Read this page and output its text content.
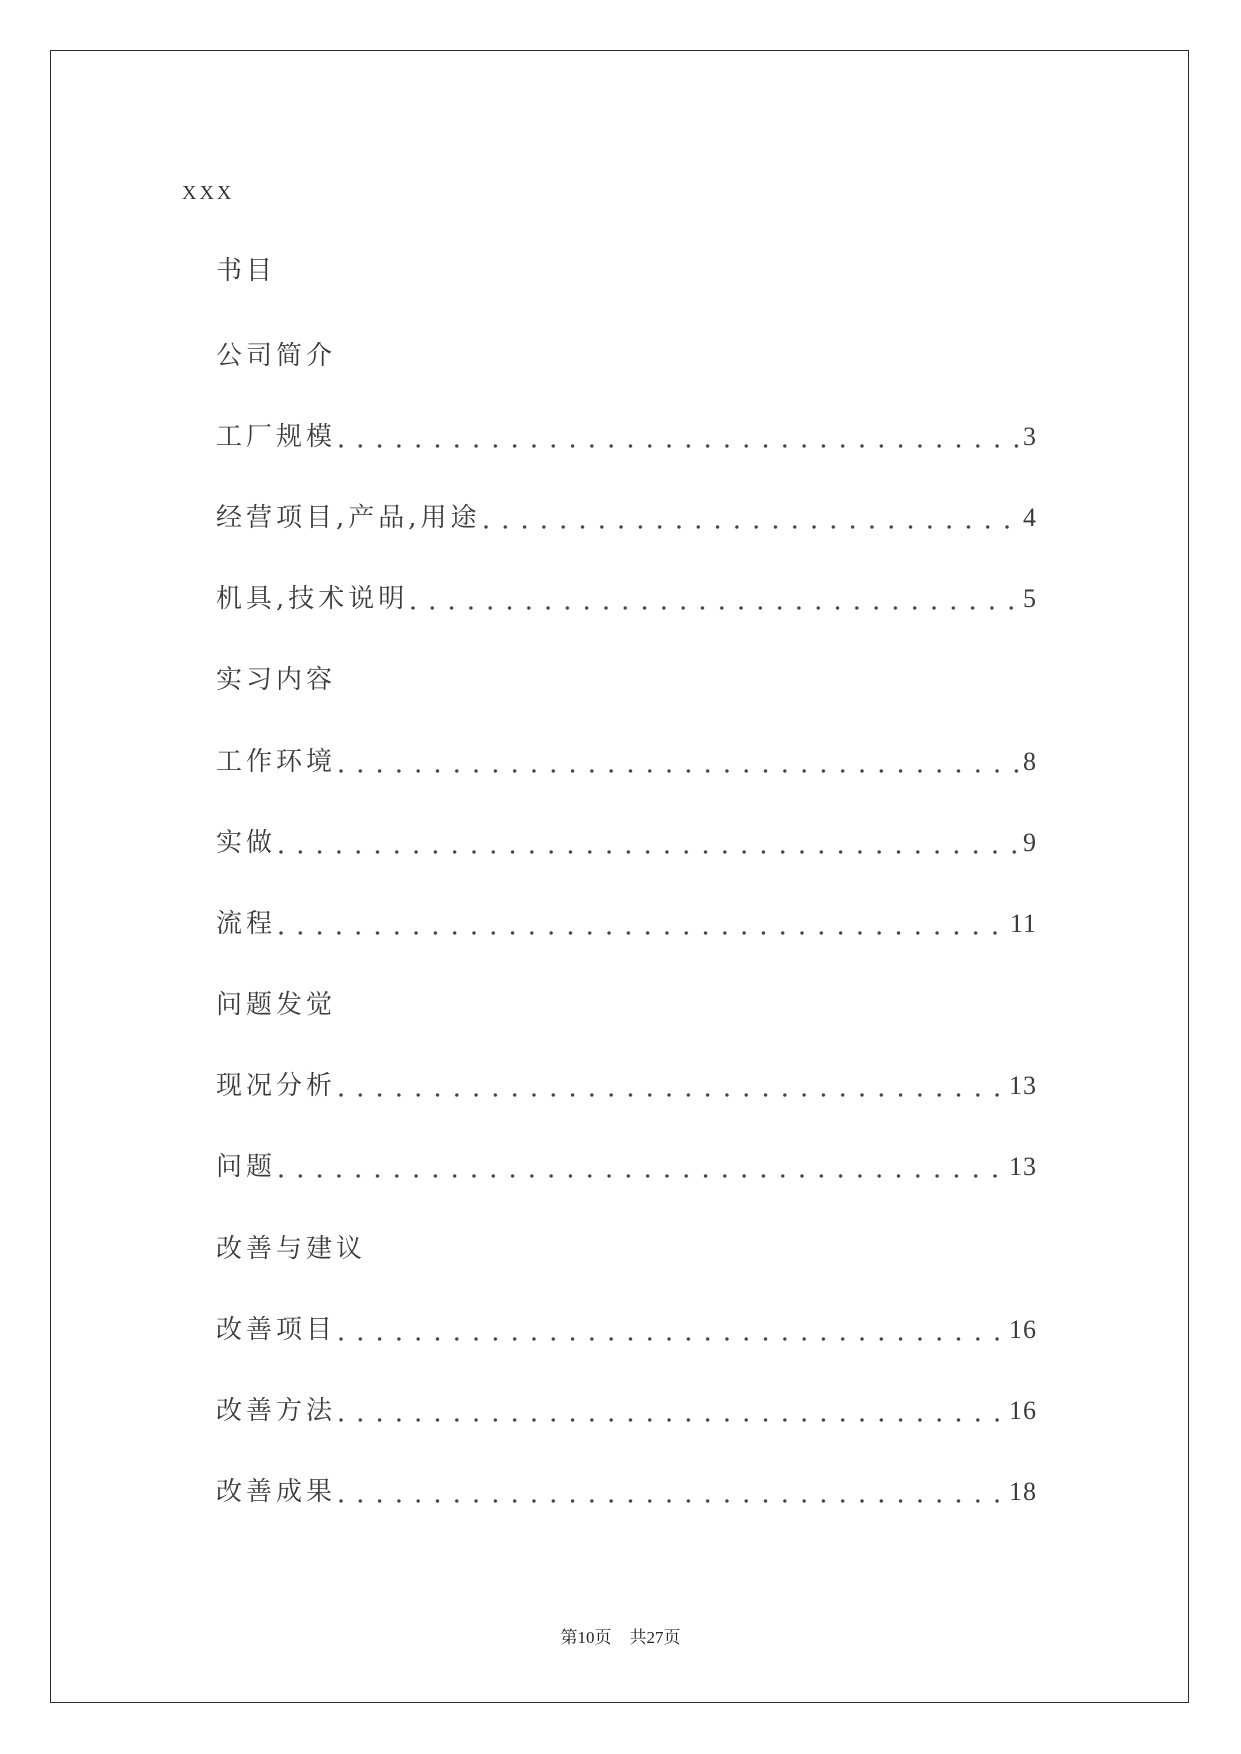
XXX
书目
公司简介
工厂规模	3
经营项目,产品,用途	4
机具,技术说明	5
实习内容
工作环境	8
实做	9
流程	11
问题发觉
现况分析	13
问题	13
改善与建议
改善项目	16
改善方法	16
改善成果	18
第10页 共27页
